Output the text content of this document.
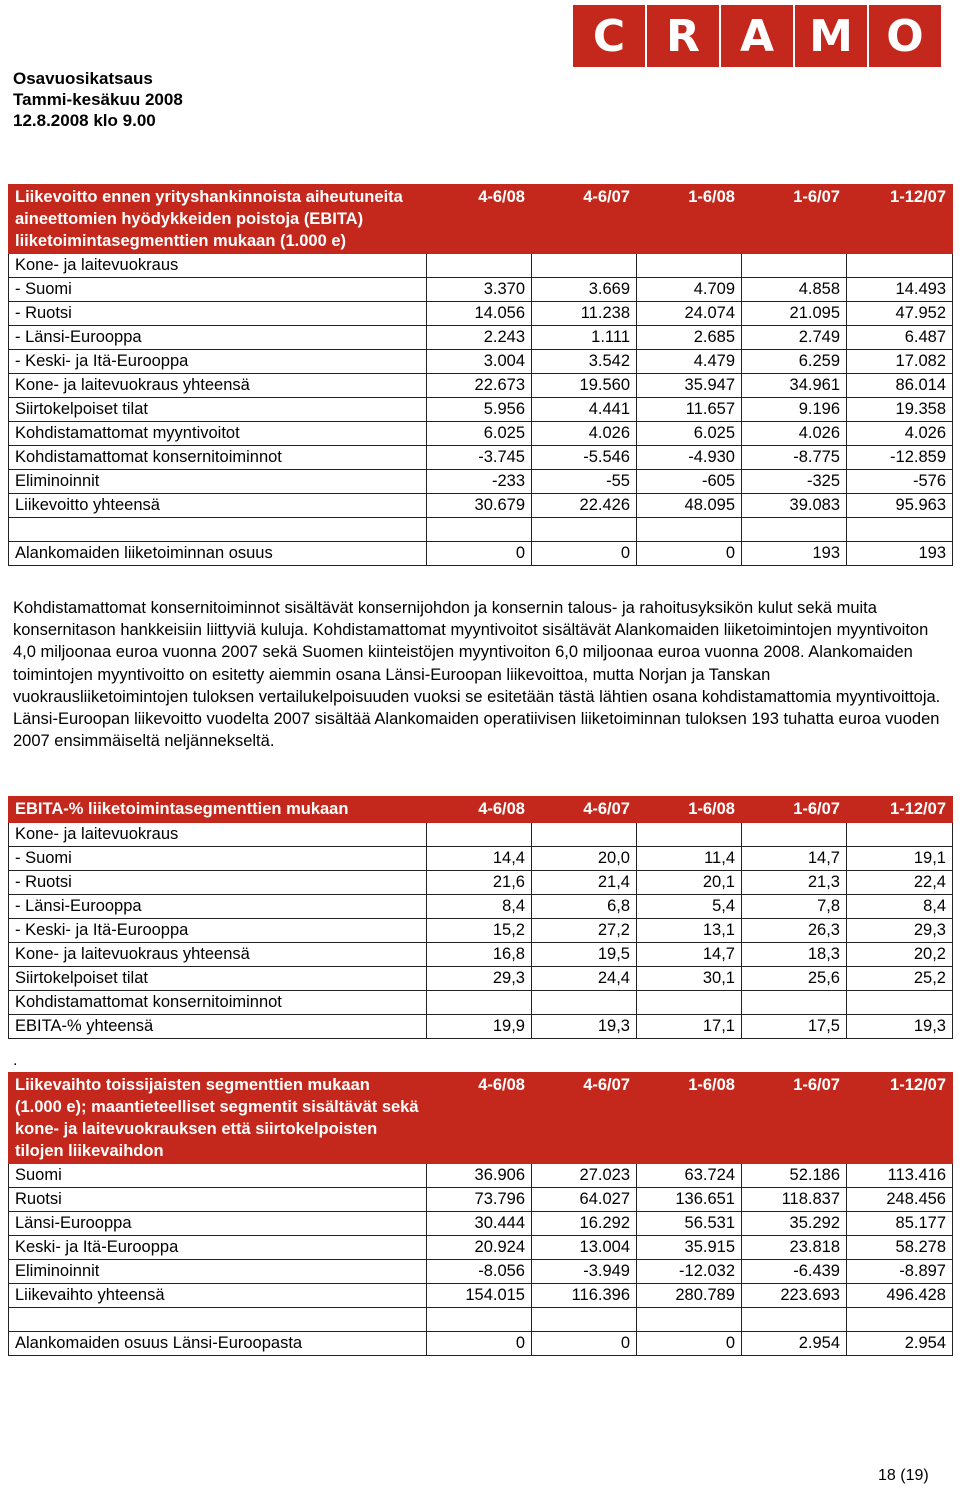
Osavuosikatsaus
Tammi-kesäkuu 2008
12.8.2008 klo 9.00
C R A M O
Liikevoitto ennen yrityshankinnoista aiheutuneita aineettomien hyödykkeiden poistoja (EBITA) liiketoimintasegmenttien mukaan (1.000 e)	4-6/08	4-6/07	1-6/08	1-6/07	1-12/07
Kone- ja laitevuokraus					
- Suomi	3.370	3.669	4.709	4.858	14.493
- Ruotsi	14.056	11.238	24.074	21.095	47.952
- Länsi-Eurooppa	2.243	1.111	2.685	2.749	6.487
- Keski- ja Itä-Eurooppa	3.004	3.542	4.479	6.259	17.082
Kone- ja laitevuokraus yhteensä	22.673	19.560	35.947	34.961	86.014
Siirtokelpoiset tilat	5.956	4.441	11.657	9.196	19.358
Kohdistamattomat myyntivoitot	6.025	4.026	6.025	4.026	4.026
Kohdistamattomat konsernitoiminnot	-3.745	-5.546	-4.930	-8.775	-12.859
Eliminoinnit	-233	-55	-605	-325	-576
Liikevoitto yhteensä	30.679	22.426	48.095	39.083	95.963

Alankomaiden liiketoiminnan osuus	0	0	0	193	193
Kohdistamattomat konsernitoiminnot sisältävät konsernijohdon ja konsernin talous- ja rahoitusyksikön kulut sekä muita konsernitason hankkeisiin liittyviä kuluja. Kohdistamattomat myyntivoitot sisältävät Alankomaiden liiketoimintojen myyntivoiton 4,0 miljoonaa euroa vuonna 2007 sekä Suomen kiinteistöjen myyntivoiton 6,0 miljoonaa euroa vuonna 2008. Alankomaiden toimintojen myyntivoitto on esitetty aiemmin osana Länsi-Euroopan liikevoittoa, mutta Norjan ja Tanskan vuokrausliiketoimintojen tuloksen vertailukelpoisuuden vuoksi se esitetään tästä lähtien osana kohdistamattomia myyntivoittoja. Länsi-Euroopan liikevoitto vuodelta 2007 sisältää Alankomaiden operatiivisen liiketoiminnan tuloksen 193 tuhatta euroa vuoden 2007 ensimmäiseltä neljännekseltä.
EBITA-% liiketoimintasegmenttien mukaan	4-6/08	4-6/07	1-6/08	1-6/07	1-12/07
Kone- ja laitevuokraus					
- Suomi	14,4	20,0	11,4	14,7	19,1
- Ruotsi	21,6	21,4	20,1	21,3	22,4
- Länsi-Eurooppa	8,4	6,8	5,4	7,8	8,4
- Keski- ja Itä-Eurooppa	15,2	27,2	13,1	26,3	29,3
Kone- ja laitevuokraus yhteensä	16,8	19,5	14,7	18,3	20,2
Siirtokelpoiset tilat	29,3	24,4	30,1	25,6	25,2
Kohdistamattomat konsernitoiminnot					
EBITA-% yhteensä	19,9	19,3	17,1	17,5	19,3
.
Liikevaihto toissijaisten segmenttien mukaan (1.000 e); maantieteelliset segmentit sisältävät sekä kone- ja laitevuokrauksen että siirtokelpoisten tilojen liikevaihdon	4-6/08	4-6/07	1-6/08	1-6/07	1-12/07
Suomi	36.906	27.023	63.724	52.186	113.416
Ruotsi	73.796	64.027	136.651	118.837	248.456
Länsi-Eurooppa	30.444	16.292	56.531	35.292	85.177
Keski- ja Itä-Eurooppa	20.924	13.004	35.915	23.818	58.278
Eliminoinnit	-8.056	-3.949	-12.032	-6.439	-8.897
Liikevaihto yhteensä	154.015	116.396	280.789	223.693	496.428

Alankomaiden osuus Länsi-Euroopasta	0	0	0	2.954	2.954
18 (19)
